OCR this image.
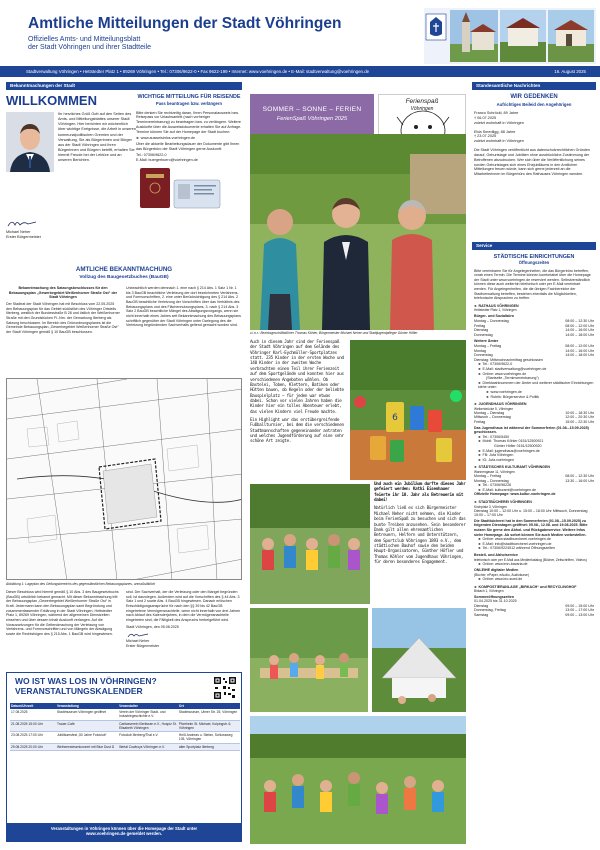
Amtliche Mitteilungen der Stadt Vöhringen
Offizielles Amts- und Mitteilungsblatt
der Stadt Vöhringen und ihrer Stadtteile
Stadtverwaltung Vöhringen • Hettstedter Platz 1 • 89269 Vöhringen • Tel.: 07306/9622-0 • Fax 9622-199 • Internet: www.voehringen.de • E-Mail: stadtverwaltung@voehringen.de	16. August 2025
Bekanntmachungen der Stadt
WILLKOMMEN
Ihr herzliches Grüß Gott auf den Seiten des Amts- und Mitteilungsblattes unserer Stadt Vöhringen. Hier berichten wir wöchentlich über wichtige Ereignisse, die Arbeit in unseren kommunalpolitischen Gremien und der Verwaltung, Sie als Bürgerinnen und Bürger aus der Stadt Vöhringen und ihren Bürgerinnen und Bürgern betrifft, erhalten Sie hiermit Freude bei der Lektüre und an unseren Berichten.
Michael Neher
Erster Bürgermeister
AMTLICHE BEKANNTMACHUNG
Vollzug des Baugesetzbuches (BauGB)
Bekanntmachung des Satzungsbeschlusses für den Bebauungsplan „Gewerbegebiet Weißenhorner Straße Ost“ der Stadt Vöhringen
Der Stadtrat der Stadt Vöhringen hat mit Beschluss vom 22.05.2025 den Bebauungsplan für das Gebiet südöstlich des Vöhringer Ortsteils Illerberg, westlich der Bundesstraße B 28 und östlich der Weißenhorner Straße mit den Grundstücken Fl.-Nrn. der Gemarkung Illerberg als Satzung beschlossen. Im Bereich des Grünordnungsplanes ist die Gemeinde Bebauungsplan „Gewerbegebiet Weißenhorner Straße Ost“ der Stadt Vöhringen gemäß § 10 BauGB beschlossen.
Unbeachtlich werden demnach 1. eine nach § 214 Abs. 1 Satz 1 Nr. 1 bis 3 BauGB beachtliche Verletzung der dort bezeichneten Verfahrens- und Formvorschriften, 2. eine unter Berücksichtigung des § 214 Abs. 2 BauGB beachtliche Verletzung der Vorschriften über das Verhältnis des Bebauungsplans und des Flächennutzungsplans, 3. nach § 214 Abs. 3 Satz 2 BauGB beachtliche Mängel des Abwägungsvorgangs, wenn sie nicht innerhalb eines Jahres seit Bekanntmachung des Bebauungsplans schriftlich gegenüber der Stadt Vöhringen unter Darlegung des die Verletzung begründenden Sachverhalts geltend gemacht worden sind.
Abbildung 1: Lageplan des Geltungsbereichs des gegenständlichen Bebauungsplanes, unmaßstäblich
Dieser Beschluss wird hiermit gemäß § 10 Abs. 3 des Baugesetzbuchs (BauGB) ortsüblich bekannt gemacht. Mit dieser Bekanntmachung tritt der Bebauungsplan „Gewerbegebiet Weißenhorner Straße Ost“ in Kraft. Jedermann kann den Bebauungsplan samt Begründung und zusammenfassender Erklärung in der Stadt Vöhringen, Hettstedter Platz 1, 89269 Vöhringen, während der allgemeinen Dienstzeiten einsehen und über dessen Inhalt Auskunft verlangen. Auf die Voraussetzungen für die Geltendmachung der Verletzung von Verfahrens- und Formvorschriften und von Mängeln der Abwägung sowie die Rechtsfolgen des § 215 Abs. 1 BauGB wird hingewiesen.
sind. Der Sachverhalt, der die Verletzung oder den Mangel begründen soll, ist darzulegen. Außerdem wird auf die Vorschriften des § 44 Abs. 3 Satz 1 und 2 sowie Abs. 4 BauGB hingewiesen. Danach erlöschen Entschädigungsansprüche für nach den §§ 39 bis 42 BauGB eingetretene Vermögensnachteile, wenn nicht innerhalb von drei Jahren nach Ablauf des Kalenderjahres, in dem die Vermögensnachteile eingetreten sind, die Fälligkeit des Anspruchs herbeigeführt wird.
Stadt Vöhringen, den 05.08.2025
Michael Neher
Erster Bürgermeister
WO IST WAS LOS IN VÖHRINGEN?
VERANSTALTUNGSKALENDER
Datum/Uhrzeit	Veranstaltung	Veranstalter	Ort
17.08.2025	Stadtmuseum Vöhringen geöffnet	Verein der Vöhringer Stadt- und Industriegeschichte e.V.	Stadtmuseum, Ulmer Str. 25, Vöhringen
21.08.2025 15:00 Uhr	Trauer-Café	Caritasverein Illertissen e.V., Hospiz St. Elisabeth Vöhringen	Pfarrheim St. Michael, Kolpingstr. 6, Vöhringen
23.08.2025 17:00 Uhr	Jubiläumsfest „50 Jahre Fotoclub“	Fotoclub Illerberg/Thal e.V.	Heiß Andreas u. Stefan, Schlossweg 105, Vöhringen
29.08.2025 20:00 Uhr	Weiherewiesenkonzert mit Blue Dust Ω	Illertal Cowboys Vöhringen e.V.	alter Sportplatz Illerberg
Veranstaltungen in Vöhringen können über die Homepage der Stadt unter
www.voehringen.de gemeldet werden.
WICHTIGE MITTEILUNG FÜR REISENDE
Pass beantragen bzw. verlängern
Bitte denken Sie rechtzeitig daran, Ihren Personalausweis bzw. Reisepass vor Urlaubsantritt (nach vorheriger Terminvereinbarung) zu beantragen bzw. zu verlängern. Weitere Auskünfte über die Ausweisdokumente erhalten Sie auf Anfrage. Termine können Sie auf der Homepage der Stadt buchen:
► www.ausweisinfos.voehringen.de
Über die aktuelle Bearbeitungsdauer der Dokumente gibt Ihnen das Bürgerbüro der Stadt Vöhringen gerne Auskunft:
Tel.: 07306/9622-0
E-Mail: buergerbuero@voehringen.de
SOMMER – SONNE – FERIEN
FerienSpaß Vöhringen 2025
Ferienspaß
Vöhringen
v.l.n.r.: Bezirksgeschäftsführer Thomas Köhler, Bürgermeister Michael Neher und Stadtjugendpfleger Günter Höfler
Auch in diesem Jahr sind der Ferienspaß der Stadt Vöhringen auf dem Gelände des Vöhringer Karl-Eychmüller-Sportplatzes statt. 235 Kinder in der ersten Woche und 140 Kinder in der zweiten Woche verbrachten einen Teil ihrer Ferienzeit auf dem Sportgelände und konnten hier aus verschiedenen Angeboten wählen. Ob Bastelei, Toben, Klettern, Batiken oder Hütten bauen, ob Kegeln oder der beliebte Bauspielplatz – für jeden war etwas dabei. Schon vor vielen Jahren haben die Kinder hier ein tolles Abenteuer erlebt, das vielen Kindern viel Freude machte.
Ein Highlight war das erstübergreifende Fußballturnier, bei dem die verschiedenen Stadtmannschaften gegeneinander antraten und welches Jugendförderung auf eine sehr schöne Art zeigte.
6
Und auch ein Jubiläum durfte dieses Jahr gefeiert werden: Kathi Eisenhauer feierte ihr 10. Jahr als Betreuerin mit dabei!
Natürlich ließ es sich Bürgermeister Michael Neher nicht nehmen, die Kinder beim FerienSpaß zu besuchen und sich das bunte Treiben anzusehen. Sein besonderer Dank gilt allen ehrenamtlichen Betreuern, Helfern und Unterstützern, dem Sportclub Vöhringen 1893 e.V., dem städtischen Bauhof sowie den beiden Haupt-Organisatoren, Günther Höfler und Thomas Köhler vom Jugendhaus Vöhringen, für deren besonderes Engagement.
Standesamtliche Nachrichten
WIR GEDENKEN
Aufrichtiges Beileid den Angehörigen
Franco Schröckl, 89 Jahre
† 06.07.2025
zuletzt wohnhaft in Vöhringen
Elda Smedilgg, 88 Jahre
† 23.07.2025
zuletzt wohnhaft in Vöhringen
Die Stadt Vöhringen veröffentlicht aus datenschutzrechtlichen Gründen darauf, Geburtstage und Jubiläen ohne ausdrückliche Zustimmung der Betroffenen abzudrucken. Wer sich über die Veröffentlichung seines runden Geburtstages sich eines Ehejubiläums in den Amtlichen Mitteilungen freuen würde, kann sich gerne jederzeit an die Mitarbeiterinnen im Bürgerbüro des Rathauses Vöhringen wenden.
Service
STÄDTISCHE EINRICHTUNGEN
Öffnungszeiten
Bitte vereinbaren Sie für Angelegenheiten, die das Bürgerbüro betreffen, vorab einen Termin. Die Termine können komfortabel über die Homepage der Stadt unter www.voehringen.de reserviert werden. Selbstverständlich können diese auch weiterhin telefonisch oder per E-Mail vereinbart werden. Für Angelegenheiten, die die übrigen Fachbereiche der Stadtverwaltung betreffen, bestehen ebenfalls die Möglichkeiten, telefonische Absprachen zu treffen.
► RATHAUS VÖHRINGEN
Hettstedter Platz 1, Vöhringen
Bürger- und Sozialbüro
Montag – Donnerstag	08:00 – 12:30 Uhr
Freitag	08:00 – 12:00 Uhr
Dienstag	14:00 – 16:00 Uhr
Donnerstag	14:00 – 18:00 Uhr
Weitere Ämter
Montag – Freitag	08:00 – 12:00 Uhr
Montag	14:00 – 16:00 Uhr
Donnerstag	14:00 – 18:00 Uhr
Dienstag: Mittwochnachmittag geschlossen
► Tel.: 07306/9622-0
► E-Mail: stadtverwaltung@voehringen.de
► Online: www.voehringen.de
(Startseite „Terminvereinbarung“)
► Direktwahlnummern der Ämter und weiterer städtischer Einrichtungen siehe unter:
► www.voehringen.de
► Rubrik: Bürgerservice & Politik
► JUGENDHAUS VÖHRINGEN
Weikenbrücke 5, Vöhringen
Montag – Dienstag	10:00 – 18:30 Uhr
Mittwoch – Donnerstag	12:00 – 20:30 Uhr
Freitag	15:00 – 22:30 Uhr
Das Jugendhaus ist während der Sommerferien (01.08.–15.09.2025) geschlossen.
► Tel.: 07306/5450
► Mobil: Thomas Köhler 0151/12500921
Günter Höfler 0151/12500920
► E-Mail: jugendhaus@voehringen.de
► FB: Jufa Vöhringen
► IG: Jufa.voehringen
► STÄDTISCHES KULTURAMT VÖHRINGEN
Wannengasse 11, Vöhringen
Montag – Freitag	08:00 – 12:30 Uhr
Montag – Donnerstag	13:30 – 16:00 Uhr
► Tel.: 07306/96226
► E-Mail: kulturamt@voehringen.de
Offizielle Homepage: www.kultur-voehringen.de
► STADTBÜCHEREI VÖHRINGEN
Kirchplatz 3, Vöhringen
Dienstag 10:00 – 12:00 Uhr u. 15:00 – 18:00 Uhr Mittwoch, Donnerstag 15:00 – 17:00 Uhr
Die Stadtbücherei hat in den Sommerferien (01.08.–15.09.2025) zu folgenden Dienstagen geöffnet: 05.08., 12.08. und 19.08.2025. Bitte nutzen Sie gerne den Abhol- und Rückgabeservice. Weitere Infos siehe Homepage. Ab sofort können Sie auch Medien vorbestellen.
► Online: www.stadtbuecherei.voehringen.de
► E-Mail: info@stadtbuecherei.voehringen.de
► Tel.: 07306/9224512 während Öffnungszeiten
Bestell- und Abholservice
telefonisch oder per E-Mail aus Medienkatalog (Bücher, Zeitschriften, Videos)
► Online: www.tmn-bavaria.de
ONLEIHE digitaler Medien
(Bücher, ePaper, eAudio, Audiokurse)
► Online: www.leo-sued.de
► KOMPOSTIERANLAGE „BIRKACH“ und RECYCLINGHOF
Birkach 1, Vöhringen
Sommeröffnungszeiten
01.04.2025 bis 31.10.2025
Dienstag	09:00 – 15:00 Uhr
Donnerstag, Freitag	13:00 – 17:00 Uhr
Samstag	09:00 – 13:00 Uhr
